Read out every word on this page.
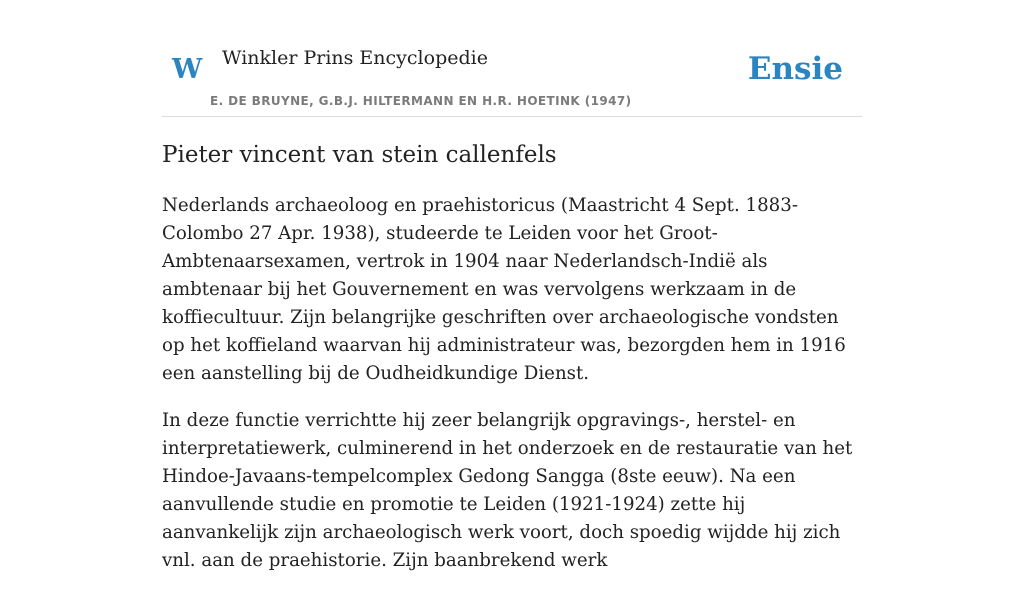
W Winkler Prins Encyclopedie	Ensie
E. DE BRUYNE, G.B.J. HILTERMANN EN H.R. HOETINK (1947)
Pieter vincent van stein callenfels

Nederlands archaeoloog en praehistoricus (Maastricht 4 Sept. 1883-Colombo 27 Apr. 1938), studeerde te Leiden voor het Groot-Ambtenaarsexamen, vertrok in 1904 naar Nederlandsch-Indië als ambtenaar bij het Gouvernement en was vervolgens werkzaam in de koffiecultuur. Zijn belangrijke geschriften over archaeologische vondsten op het koffieland waarvan hij administrateur was, bezorgden hem in 1916 een aanstelling bij de Oudheidkundige Dienst.

In deze functie verrichtte hij zeer belangrijk opgravings-, herstel- en interpretatiewerk, culminerend in het onderzoek en de restauratie van het Hindoe-Javaans-tempelcomplex Gedong Sangga (8ste eeuw). Na een aanvullende studie en promotie te Leiden (1921-1924) zette hij aanvankelijk zijn archaeologisch werk voort, doch spoedig wijdde hij zich vnl. aan de praehistorie. Zijn baanbrekend werk
